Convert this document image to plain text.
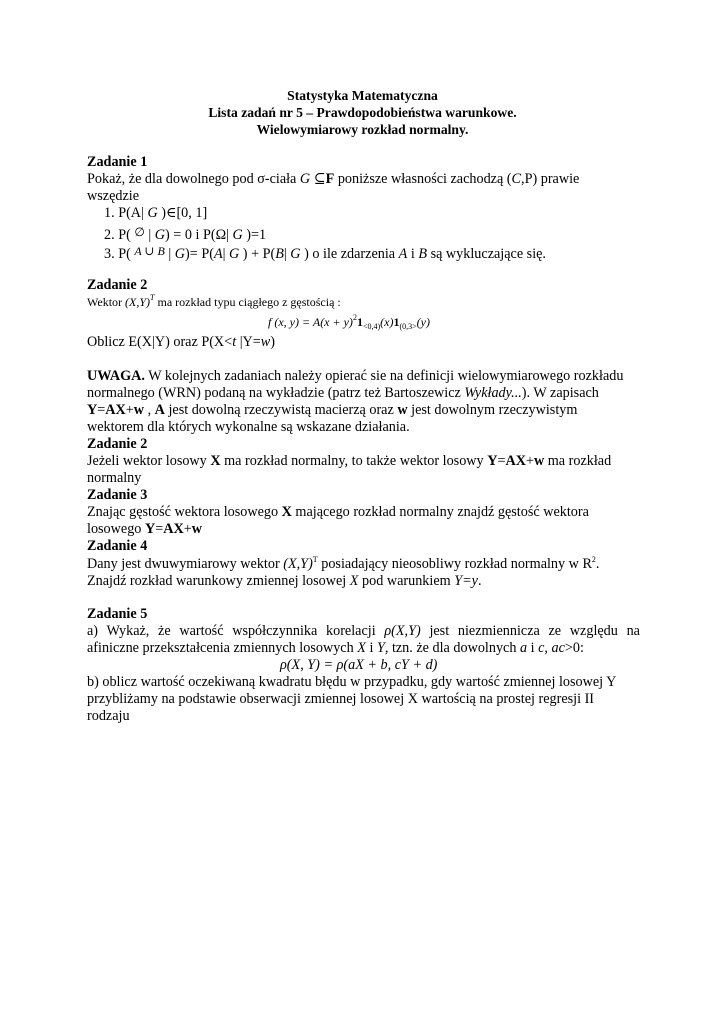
Statystyka Matematyczna
Lista zadań nr 5 – Prawdopodobieństwa warunkowe.
Wielowymiarowy rozkład normalny.
Zadanie 1
Pokaż, że dla dowolnego pod σ-ciała G ⊆F poniższe własności zachodzą (C,P) prawie
wszędzie
1. P(A| G )∈[0, 1]
2. P( ∅ | G) = 0 i P(Ω| G )=1
3. P( $^{A \cup B}$ | G)= P(A| G ) + P(B| G ) o ile zdarzenia A i B są wykluczające się.
Zadanie 2
Wektor $(X,Y)^T$ ma rozkład typu ciągłego z gęstością :
f (x, $y) = A(x + y)^21_{<0,4)}(x)1_{(0,3>}(y)$
Oblicz E(X|Y) oraz P(X<t |Y=w)
UWAGA. W kolejnych zadaniach należy opierać sie na definicji wielowymiarowego rozkładu
normalnego (WRN) podaną na wykładzie (patrz też Bartoszewicz Wykłady...). W zapisach
Y=AX+w , A jest dowolną rzeczywistą macierzą oraz w jest dowolnym rzeczywistym
wektorem dla których wykonalne są wskazane działania.
Zadanie 2
Jeżeli wektor losowy X ma rozkład normalny, to także wektor losowy Y=AX+w ma rozkład
normalny
Zadanie 3
Znając gęstość wektora losowego X mającego rozkład normalny znajdź gęstość wektora
losowego Y=AX+w
Zadanie 4
Dany jest dwuwymiarowy wektor $(X,Y)^T$ posiadający nieosobliwy rozkład normalny w $R^2$.
Znajdź rozkład warunkowy zmiennej losowej X pod warunkiem Y=y.
Zadanie 5
a) Wykaż, że wartość współczynnika korelacji ρ(X,Y) jest niezmiennicza ze względu na
afiniczne przekształcenia zmiennych losowych X i Y, tzn. że dla dowolnych a i c, ac>0:
ρ(X, Y) = ρ(aX + b, cY + d)
b) oblicz wartość oczekiwaną kwadratu błędu w przypadku, gdy wartość zmiennej losowej Y
przybliżamy na podstawie obserwacji zmiennej losowej X wartością na prostej regresji II
rodzaju
